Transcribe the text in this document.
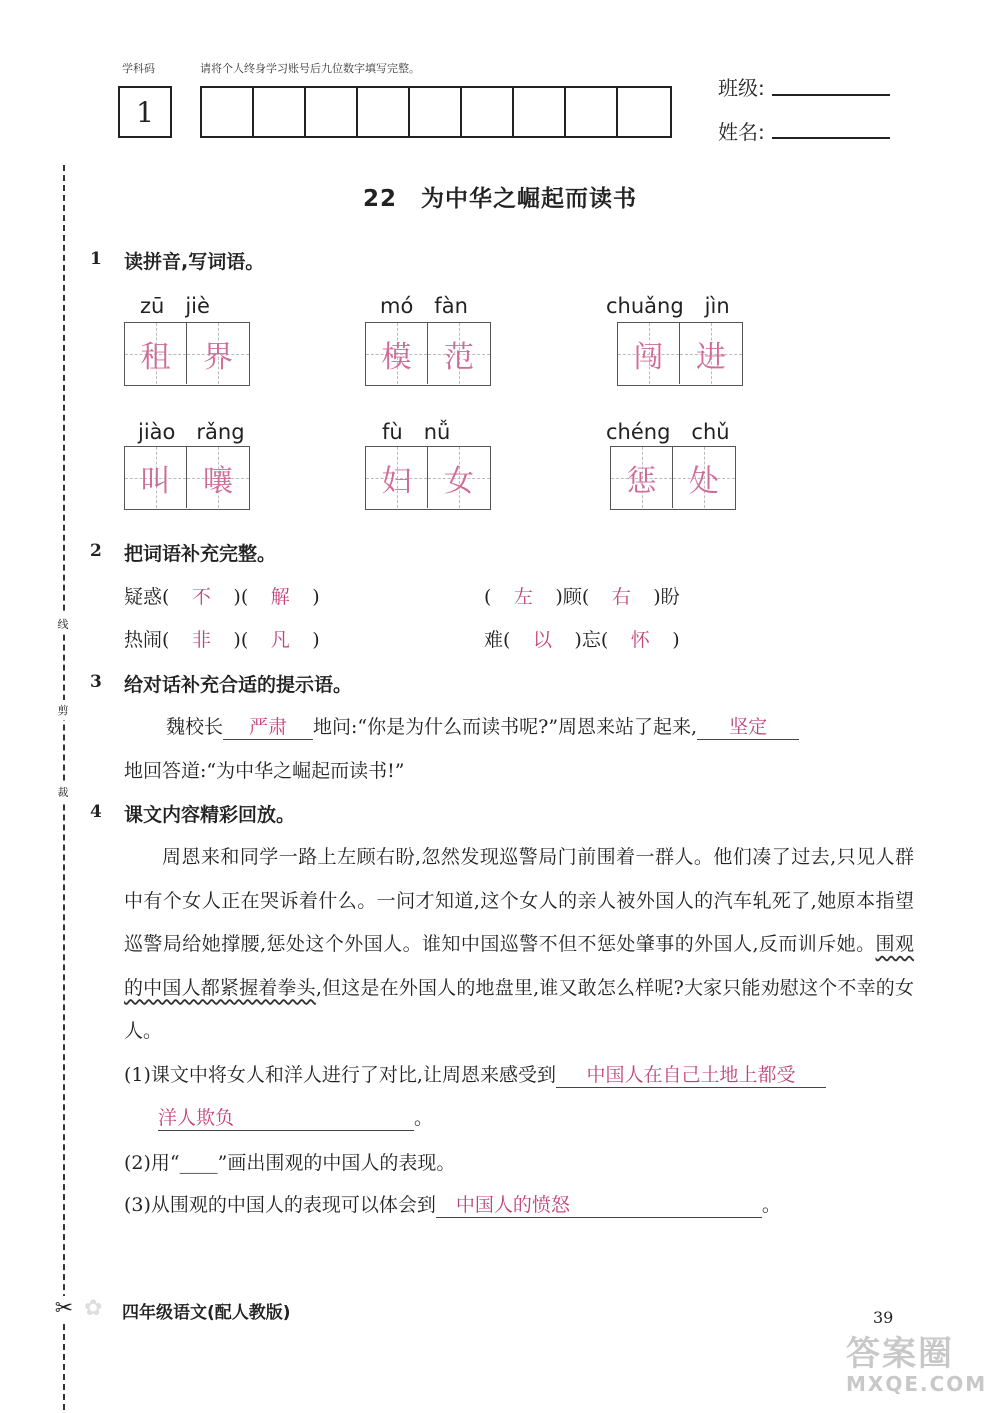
学科码	请将个人终身学习账号后九位数字填写完整。
1
班级:
姓名:
线
剪
裁
✂
22　为中华之崛起而读书
1 读拼音,写词语。
zū　jiè
租 界
mó　fàn
模 范
chuǎng　jìn
闯 进
jiào　rǎng
叫 嚷
fù　nǚ
妇 女
chéng　chǔ
惩 处
2 把词语补充完整。
疑惑( 不 )( 解 )	( 左 )顾( 右 )盼
热闹( 非 )( 凡 )	难( 以 )忘( 怀 )
3 给对话补充合适的提示语。
魏校长 严肃 地问:“你是为什么而读书呢?”周恩来站了起来, 坚定
地回答道:“为中华之崛起而读书!”
4 课文内容精彩回放。

周恩来和同学一路上左顾右盼,忽然发现巡警局门前围着一群人。他们凑了过去,只见人群中有个女人正在哭诉着什么。一问才知道,这个女人的亲人被外国人的汽车轧死了,她原本指望巡警局给她撑腰,惩处这个外国人。谁知中国巡警不但不惩处肇事的外国人,反而训斥她。围观的中国人都紧握着拳头,但这是在外国人的地盘里,谁又敢怎么样呢?大家只能劝慰这个不幸的女人。

(1)课文中将女人和洋人进行了对比,让周恩来感受到 中国人在自己土地上都受
洋人欺负	。
(2)用“____”画出围观的中国人的表现。
(3)从围观的中国人的表现可以体会到 中国人的愤怒	。
✿	四年级语文(配人教版)	39
答案圈
MXQE.COM
